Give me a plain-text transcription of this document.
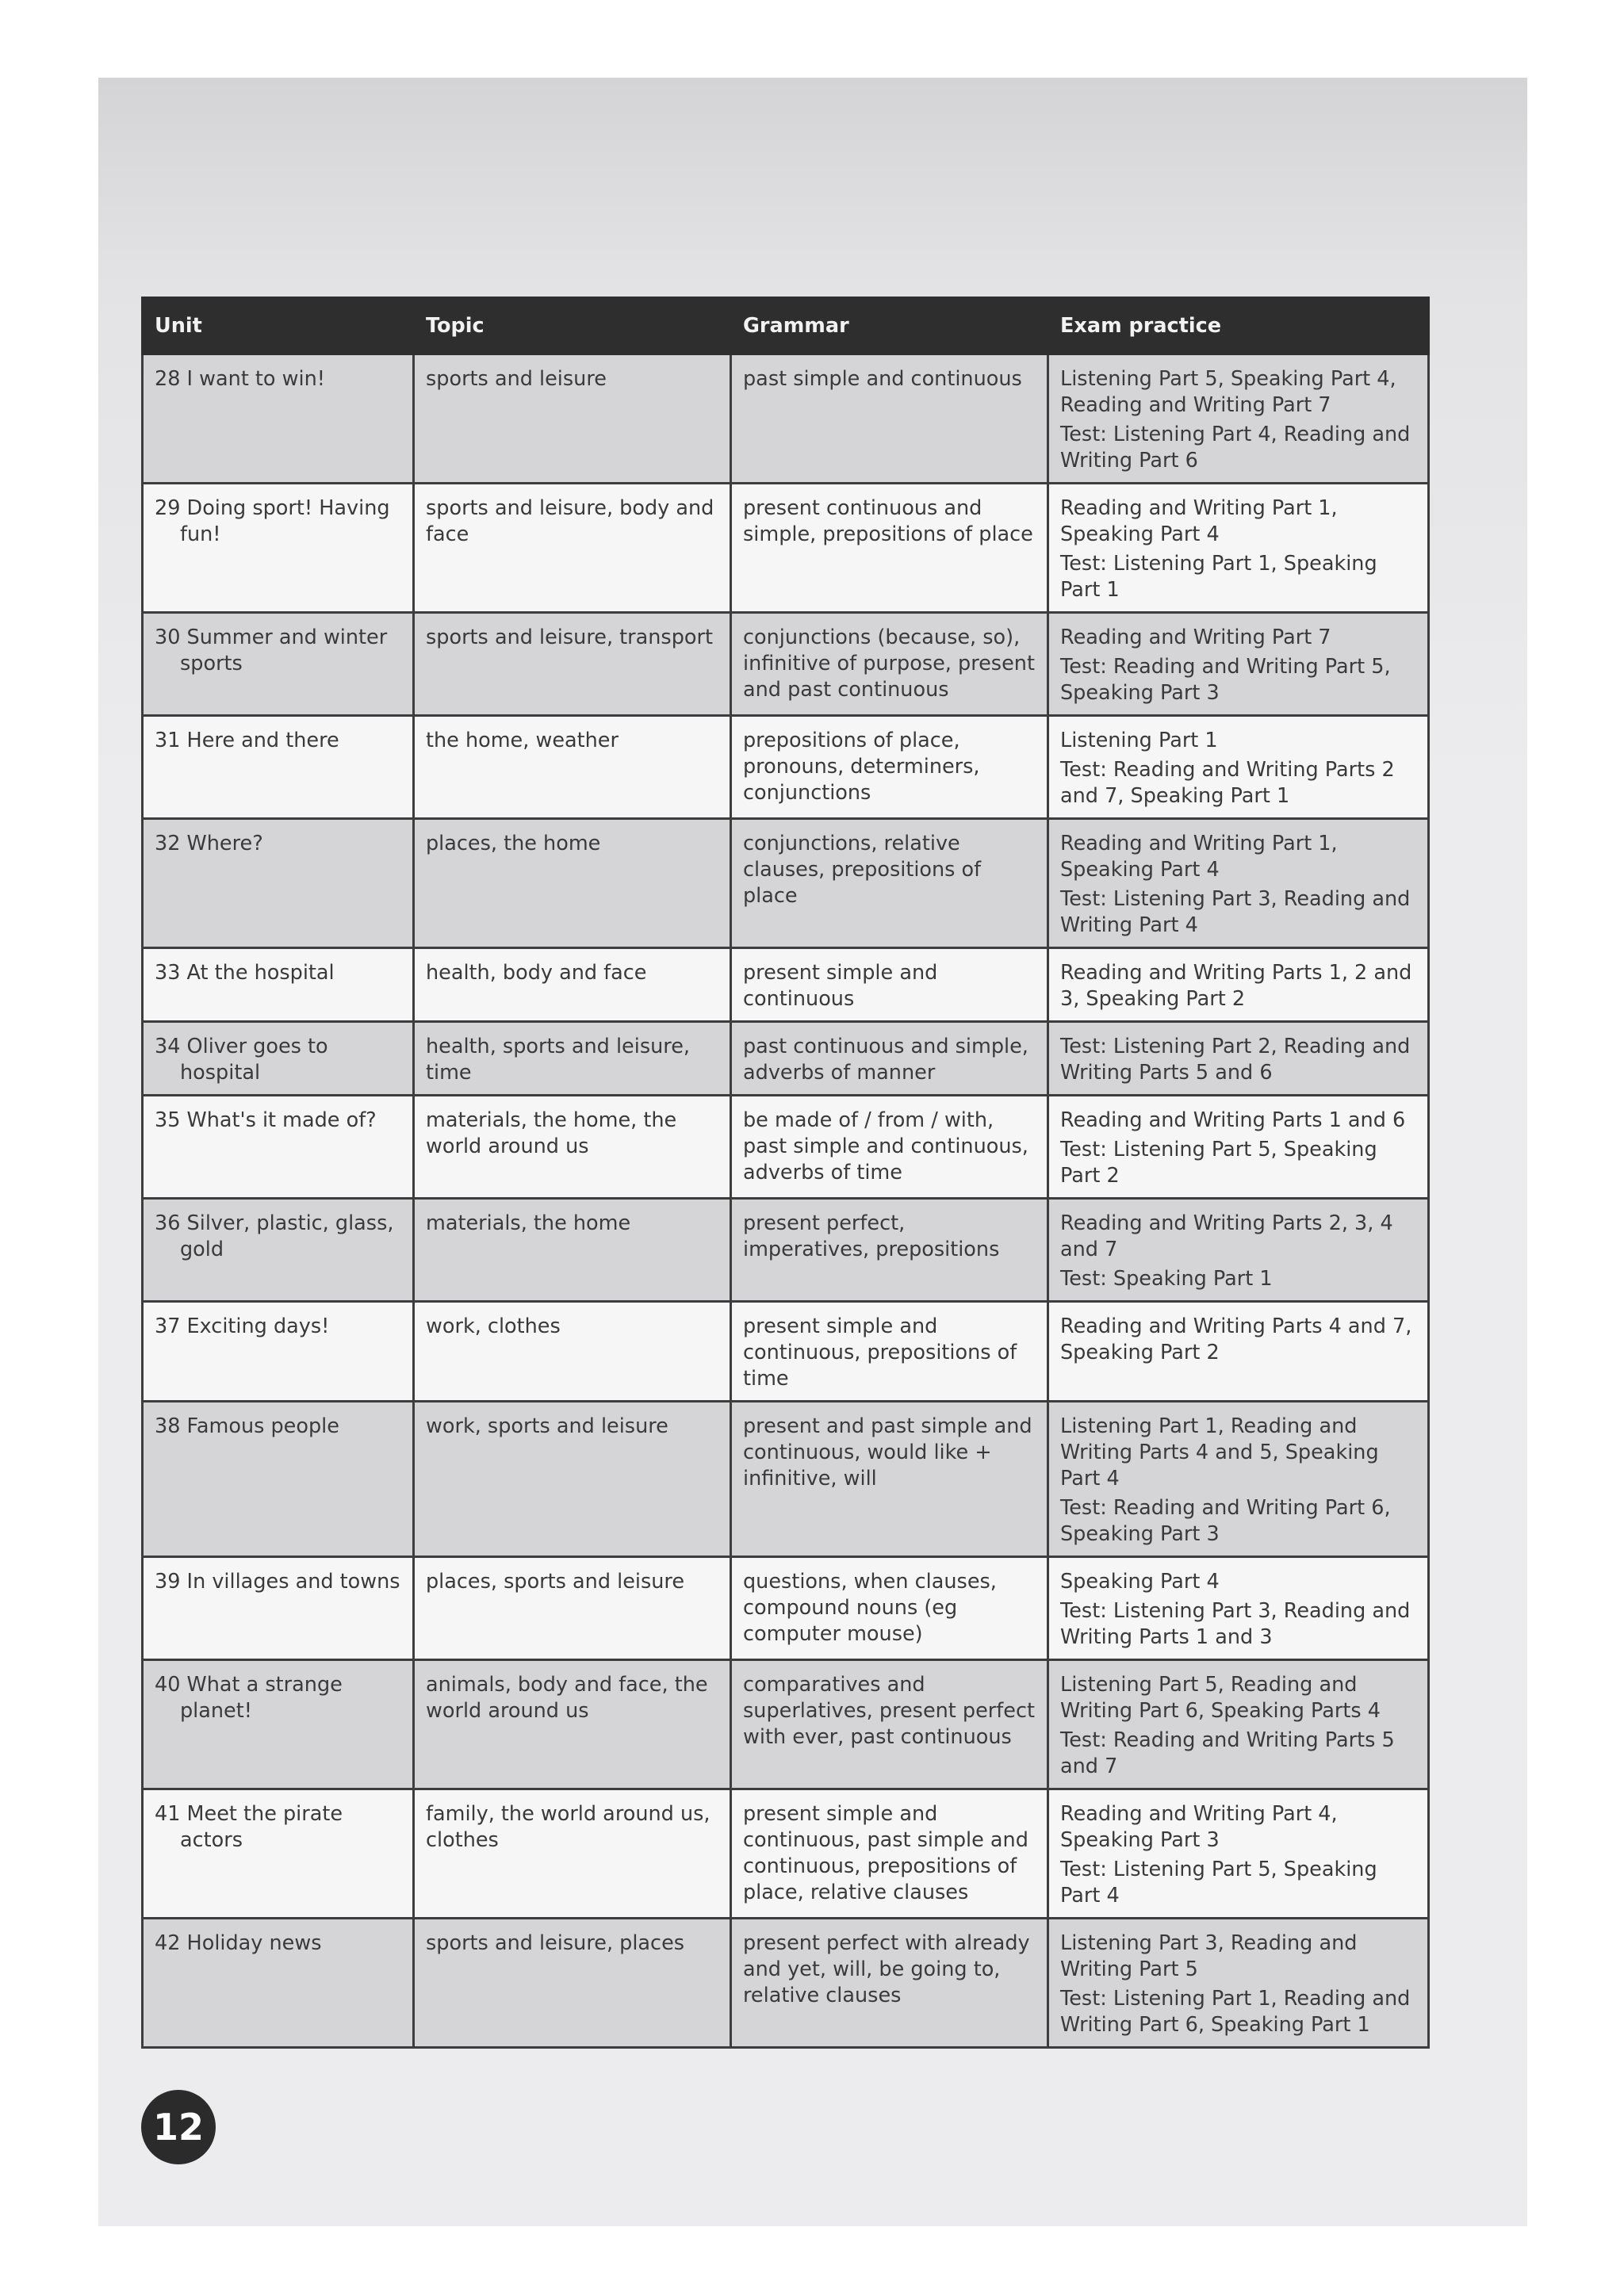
Unit	Topic	Grammar	Exam practice
28 I want to win!	sports and leisure	past simple and continuous	Listening Part 5, Speaking Part 4, Reading and Writing Part 7
Test: Listening Part 4, Reading and Writing Part 6

29 Doing sport! Having fun!	sports and leisure, body and face	present continuous and simple, prepositions of place	Reading and Writing Part 1, Speaking Part 4
Test: Listening Part 1, Speaking Part 1

30 Summer and winter sports	sports and leisure, transport	conjunctions (because, so), infinitive of purpose, present and past continuous	Reading and Writing Part 7
Test: Reading and Writing Part 5, Speaking Part 3

31 Here and there	the home, weather	prepositions of place, pronouns, determiners, conjunctions	Listening Part 1
Test: Reading and Writing Parts 2 and 7, Speaking Part 1

32 Where?	places, the home	conjunctions, relative clauses, prepositions of place	Reading and Writing Part 1, Speaking Part 4
Test: Listening Part 3, Reading and Writing Part 4

33 At the hospital	health, body and face	present simple and continuous	Reading and Writing Parts 1, 2 and 3, Speaking Part 2

34 Oliver goes to hospital	health, sports and leisure, time	past continuous and simple, adverbs of manner	Test: Listening Part 2, Reading and Writing Parts 5 and 6

35 What's it made of?	materials, the home, the world around us	be made of / from / with, past simple and continuous, adverbs of time	Reading and Writing Parts 1 and 6
Test: Listening Part 5, Speaking Part 2

36 Silver, plastic, glass, gold	materials, the home	present perfect, imperatives, prepositions	Reading and Writing Parts 2, 3, 4 and 7
Test: Speaking Part 1

37 Exciting days!	work, clothes	present simple and continuous, prepositions of time	Reading and Writing Parts 4 and 7, Speaking Part 2

38 Famous people	work, sports and leisure	present and past simple and continuous, would like + infinitive, will	Listening Part 1, Reading and Writing Parts 4 and 5, Speaking Part 4
Test: Reading and Writing Part 6, Speaking Part 3

39 In villages and towns	places, sports and leisure	questions, when clauses, compound nouns (eg computer mouse)	Speaking Part 4
Test: Listening Part 3, Reading and Writing Parts 1 and 3

40 What a strange planet!	animals, body and face, the world around us	comparatives and superlatives, present perfect with ever, past continuous	Listening Part 5, Reading and Writing Part 6, Speaking Parts 4
Test: Reading and Writing Parts 5 and 7

41 Meet the pirate actors	family, the world around us, clothes	present simple and continuous, past simple and continuous, prepositions of place, relative clauses	Reading and Writing Part 4, Speaking Part 3
Test: Listening Part 5, Speaking Part 4

42 Holiday news	sports and leisure, places	present perfect with already and yet, will, be going to, relative clauses	Listening Part 3, Reading and Writing Part 5
Test: Listening Part 1, Reading and Writing Part 6, Speaking Part 1
12
